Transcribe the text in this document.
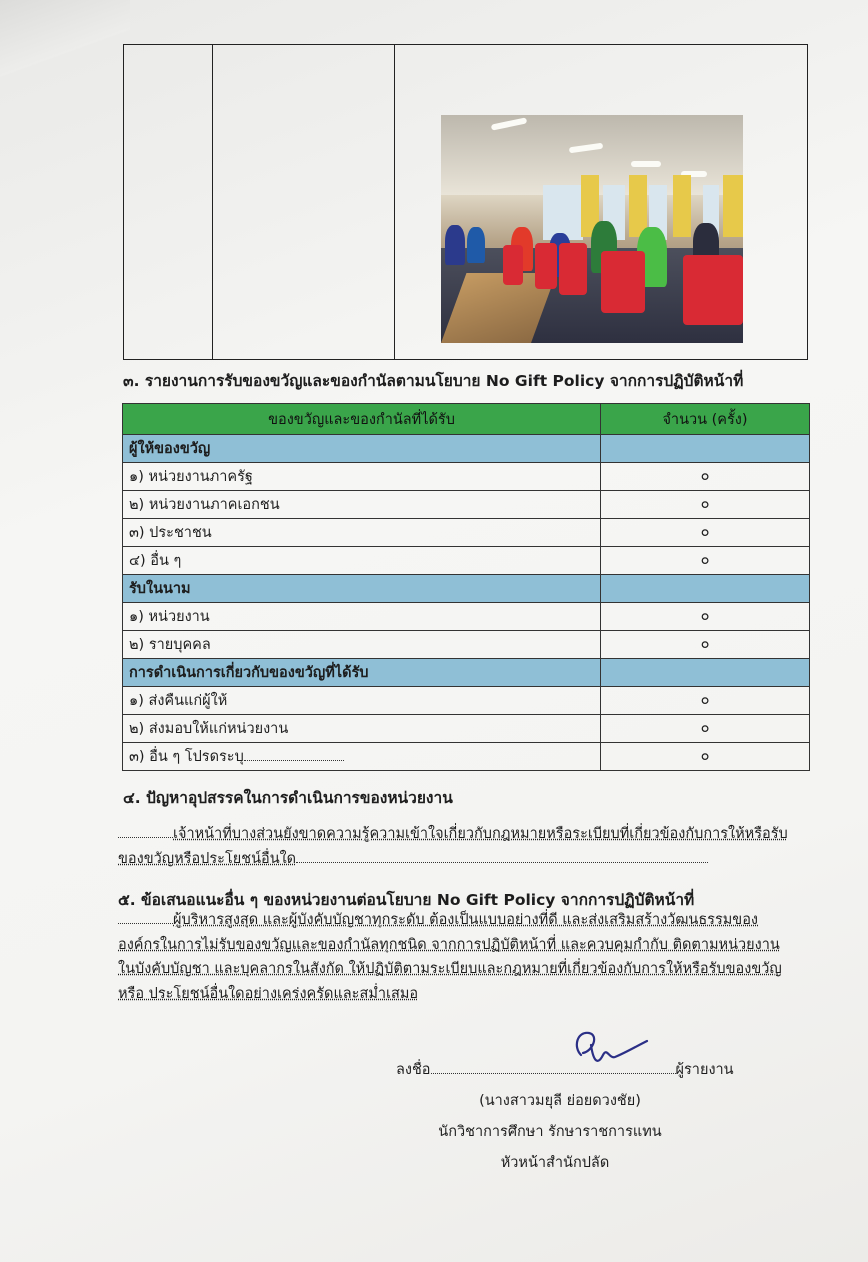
๓. รายงานการรับของขวัญและของกำนัลตามนโยบาย No Gift Policy จากการปฏิบัติหน้าที่
ของขวัญและของกำนัลที่ได้รับ	จำนวน (ครั้ง)
ผู้ให้ของขวัญ	
๑) หน่วยงานภาครัฐ	๐
๒) หน่วยงานภาคเอกชน	๐
๓) ประชาชน	๐
๔) อื่น ๆ	๐
รับในนาม	
๑) หน่วยงาน	๐
๒) รายบุคคล	๐
การดำเนินการเกี่ยวกับของขวัญที่ได้รับ	
๑) ส่งคืนแก่ผู้ให้	๐
๒) ส่งมอบให้แก่หน่วยงาน	๐
๓) อื่น ๆ โปรดระบุ	๐
๔. ปัญหาอุปสรรคในการดำเนินการของหน่วยงาน
เจ้าหน้าที่บางส่วนยังขาดความรู้ความเข้าใจเกี่ยวกับกฎหมายหรือระเบียบที่เกี่ยวข้องกับการให้หรือรับ
ของขวัญหรือประโยชน์อื่นใด
๕. ข้อเสนอแนะอื่น ๆ ของหน่วยงานต่อนโยบาย No Gift Policy จากการปฏิบัติหน้าที่
ผู้บริหารสูงสุด และผู้บังคับบัญชาทุกระดับ ต้องเป็นแบบอย่างที่ดี และส่งเสริมสร้างวัฒนธรรมของ
องค์กรในการไม่รับของขวัญและของกำนัลทุกชนิด จากการปฏิบัติหน้าที่ และควบคุมกำกับ ติดตามหน่วยงาน
ในบังคับบัญชา และบุคลากรในสังกัด ให้ปฏิบัติตามระเบียบและกฎหมายที่เกี่ยวข้องกับการให้หรือรับของขวัญ
หรือ ประโยชน์อื่นใดอย่างเคร่งครัดและสม่ำเสมอ
ลงชื่อ	ผู้รายงาน
(นางสาวมยุลี ย่อยดวงชัย)
นักวิชาการศึกษา รักษาราชการแทน
หัวหน้าสำนักปลัด
